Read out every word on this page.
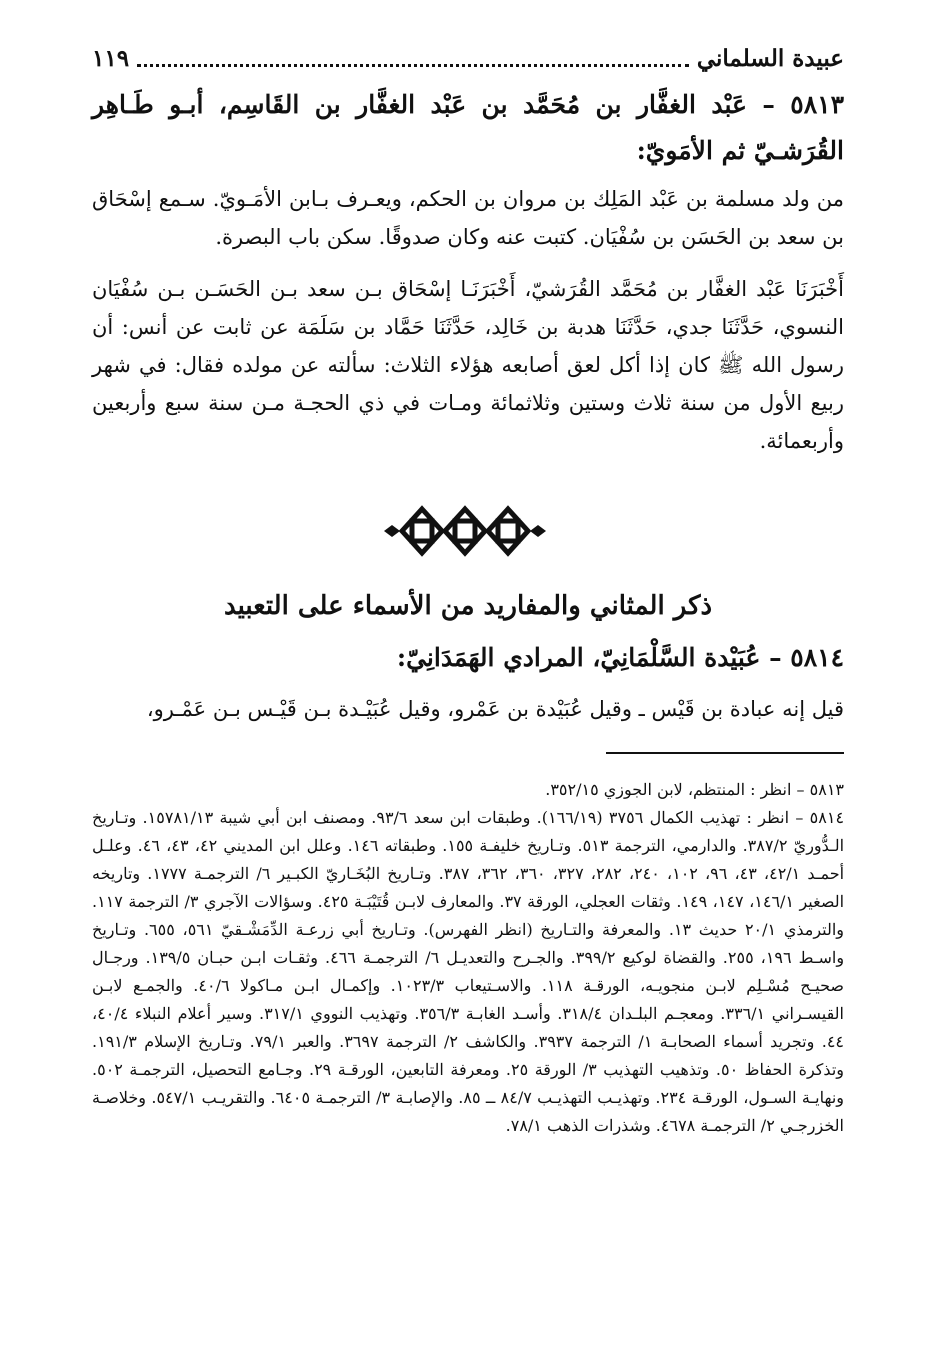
عبيدة السلماني
١١٩
٥٨١٣ – عَبْد الغفَّار بن مُحَمَّد بن عَبْد الغفَّار بن القَاسِم، أبـو طَـاهِر القُرَشـيّ ثم الأمَويّ:

من ولد مسلمة بن عَبْد المَلِك بن مروان بن الحكم، ويعـرف بـابن الأمَـويّ. سـمع إسْحَاق بن سعد بن الحَسَن بن سُفْيَان. كتبت عنه وكان صدوقًا. سكن باب البصرة.

أَخْبَرَنَا عَبْد الغفَّار بن مُحَمَّد القُرَشيّ، أَخْبَرَنَـا إسْحَاق بـن سعد بـن الحَسَـن بـن سُفْيَان النسوي، حَدَّثَنَا جدي، حَدَّثَنَا هدبة بن خَالِد، حَدَّثَنَا حَمَّاد بن سَلَمَة عن ثابت عن أنس: أن رسول الله ﷺ كان إذا أكل لعق أصابعه هؤلاء الثلاث: سألته عن مولده فقال: في شهر ربيع الأول من سنة ثلاث وستين وثلاثمائة ومـات في ذي الحجـة مـن سنة سبع وأربعين وأربعمائة.

ذكر المثاني والمفاريد من الأسماء على التعبيد
٥٨١٤ – عُبَيْدة السَّلْمَانِيّ، المرادي الهَمَدَانِيّ:

قيل إنه عبادة بن قَيْس ـ وقيل عُبَيْدة بن عَمْرو، وقيل عُبَيْـدة بـن قَيْـس بـن عَمْـرو،

٥٨١٣ – انظر : المنتظم، لابن الجوزي ٣٥٢/١٥.

٥٨١٤ – انظر : تهذيب الكمال ٣٧٥٦ (١٦٦/١٩). وطبقات ابن سعد ٩٣/٦. ومصنف ابن أبي شيبة ١٥٧٨١/١٣. وتـاريخ الـدُّوريّ ٣٨٧/٢. والدارمي، الترجمة ٥١٣. وتـاريخ خليفـة ١٥٥. وطبقاته ١٤٦. وعلل ابن المديني ٤٢، ٤٣، ٤٦. وعلـل أحمـد ٤٢/١، ٤٣، ٩٦، ١٠٢، ٢٤٠، ٢٨٢، ٣٢٧، ٣٦٠، ٣٦٢، ٣٨٧. وتـاريخ البُخَـاريّ الكبـير ٦/ الترجمـة ١٧٧٧. وتاريخه الصغير ١٤٦/١، ١٤٧، ١٤٩. وثقات العجلي، الورقة ٣٧. والمعارف لابـن قُتَيْبَـة ٤٢٥. وسؤالات الآجري ٣/ الترجمة ١١٧. والترمذي ٢٠/١ حديث ١٣. والمعرفة والتـاريخ (انظر الفهرس). وتـاريخ أبي زرعـة الدِّمَشْـقيّ ٥٦١، ٦٥٥. وتـاريخ واسـط ١٩٦، ٢٥٥. والقضاة لوكيع ٣٩٩/٢. والجـرح والتعديـل ٦/ الترجمـة ٤٦٦. وثقـات ابـن حبـان ١٣٩/٥. ورجـال صحيـح مُسْـلِم لابـن منجويـه، الورقـة ١١٨. والاسـتيعاب ١٠٢٣/٣. وإكمـال ابـن مـاكولا ٤٠/٦. والجمـع لابـن القيسـراني ٣٣٦/١. ومعجـم البلـدان ٣١٨/٤. وأسـد الغابـة ٣٥٦/٣. وتهذيب النووي ٣١٧/١. وسير أعلام النبلاء ٤٠/٤، ٤٤. وتجريد أسماء الصحابـة ١/ الترجمة ٣٩٣٧. والكاشف ٢/ الترجمة ٣٦٩٧. والعبر ٧٩/١. وتـاريخ الإسلام ١٩١/٣. وتذكرة الحفاظ ٥٠. وتذهيب التهذيب ٣/ الورقة ٢٥. ومعرفة التابعين، الورقـة ٢٩. وجـامع التحصيل، الترجمـة ٥٠٢. ونهايـة السـول، الورقـة ٢٣٤. وتهذيـب التهذيـب ٨٤/٧ ــ ٨٥. والإصابـة ٣/ الترجمـة ٦٤٠٥. والتقريـب ٥٤٧/١. وخلاصـة الخزرجـي ٢/ الترجمـة ٤٦٧٨. وشذرات الذهب ٧٨/١.
